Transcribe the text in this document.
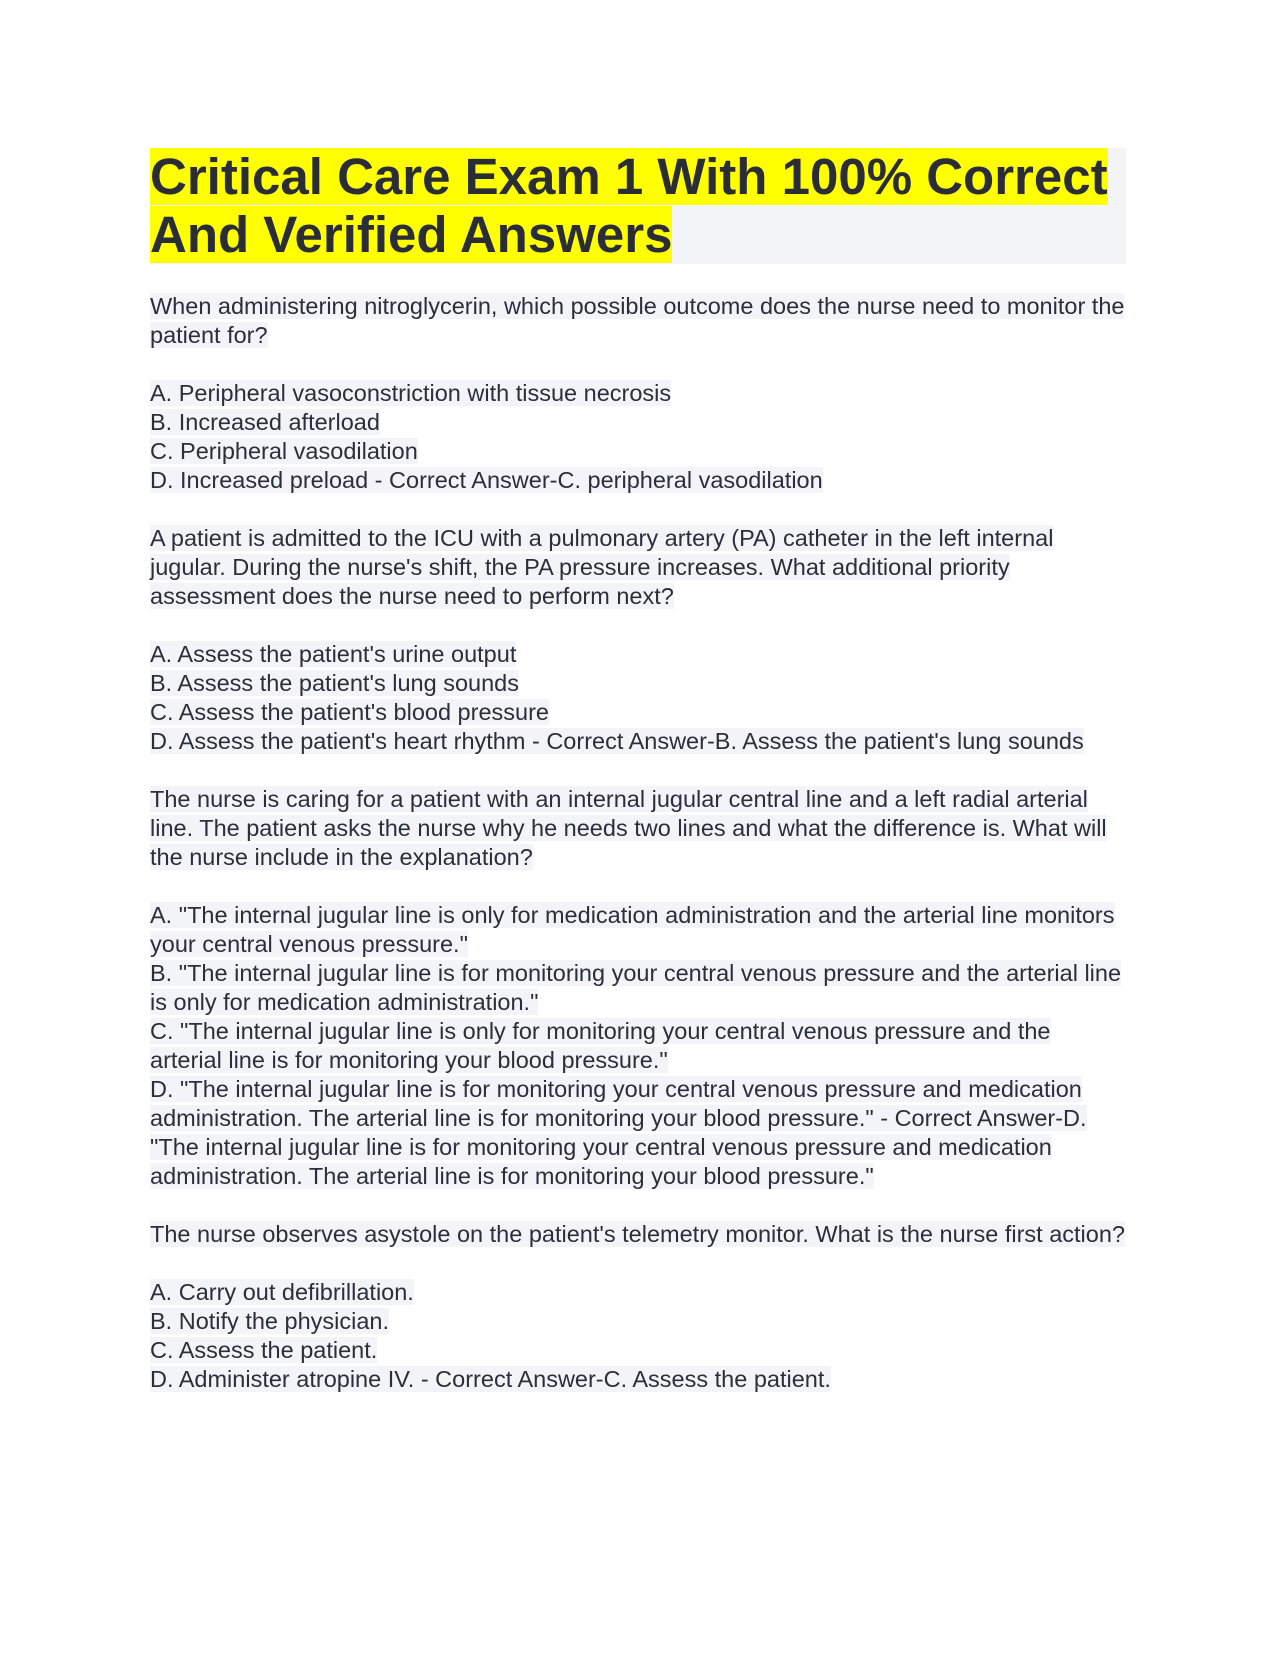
Critical Care Exam 1 With 100% Correct And Verified Answers

When administering nitroglycerin, which possible outcome does the nurse need to monitor the patient for?

A. Peripheral vasoconstriction with tissue necrosis

B. Increased afterload

C. Peripheral vasodilation

D. Increased preload - Correct Answer-C. peripheral vasodilation

A patient is admitted to the ICU with a pulmonary artery (PA) catheter in the left internal jugular. During the nurse's shift, the PA pressure increases. What additional priority assessment does the nurse need to perform next?

A. Assess the patient's urine output

B. Assess the patient's lung sounds

C. Assess the patient's blood pressure

D. Assess the patient's heart rhythm - Correct Answer-B. Assess the patient's lung sounds

The nurse is caring for a patient with an internal jugular central line and a left radial arterial line. The patient asks the nurse why he needs two lines and what the difference is. What will the nurse include in the explanation?

A. "The internal jugular line is only for medication administration and the arterial line monitors your central venous pressure."

B. "The internal jugular line is for monitoring your central venous pressure and the arterial line is only for medication administration."

C. "The internal jugular line is only for monitoring your central venous pressure and the arterial line is for monitoring your blood pressure."

D. "The internal jugular line is for monitoring your central venous pressure and medication administration. The arterial line is for monitoring your blood pressure." - Correct Answer-D. "The internal jugular line is for monitoring your central venous pressure and medication administration. The arterial line is for monitoring your blood pressure."

The nurse observes asystole on the patient's telemetry monitor. What is the nurse first action?

A. Carry out defibrillation.

B. Notify the physician.

C. Assess the patient.

D. Administer atropine IV. - Correct Answer-C. Assess the patient.
